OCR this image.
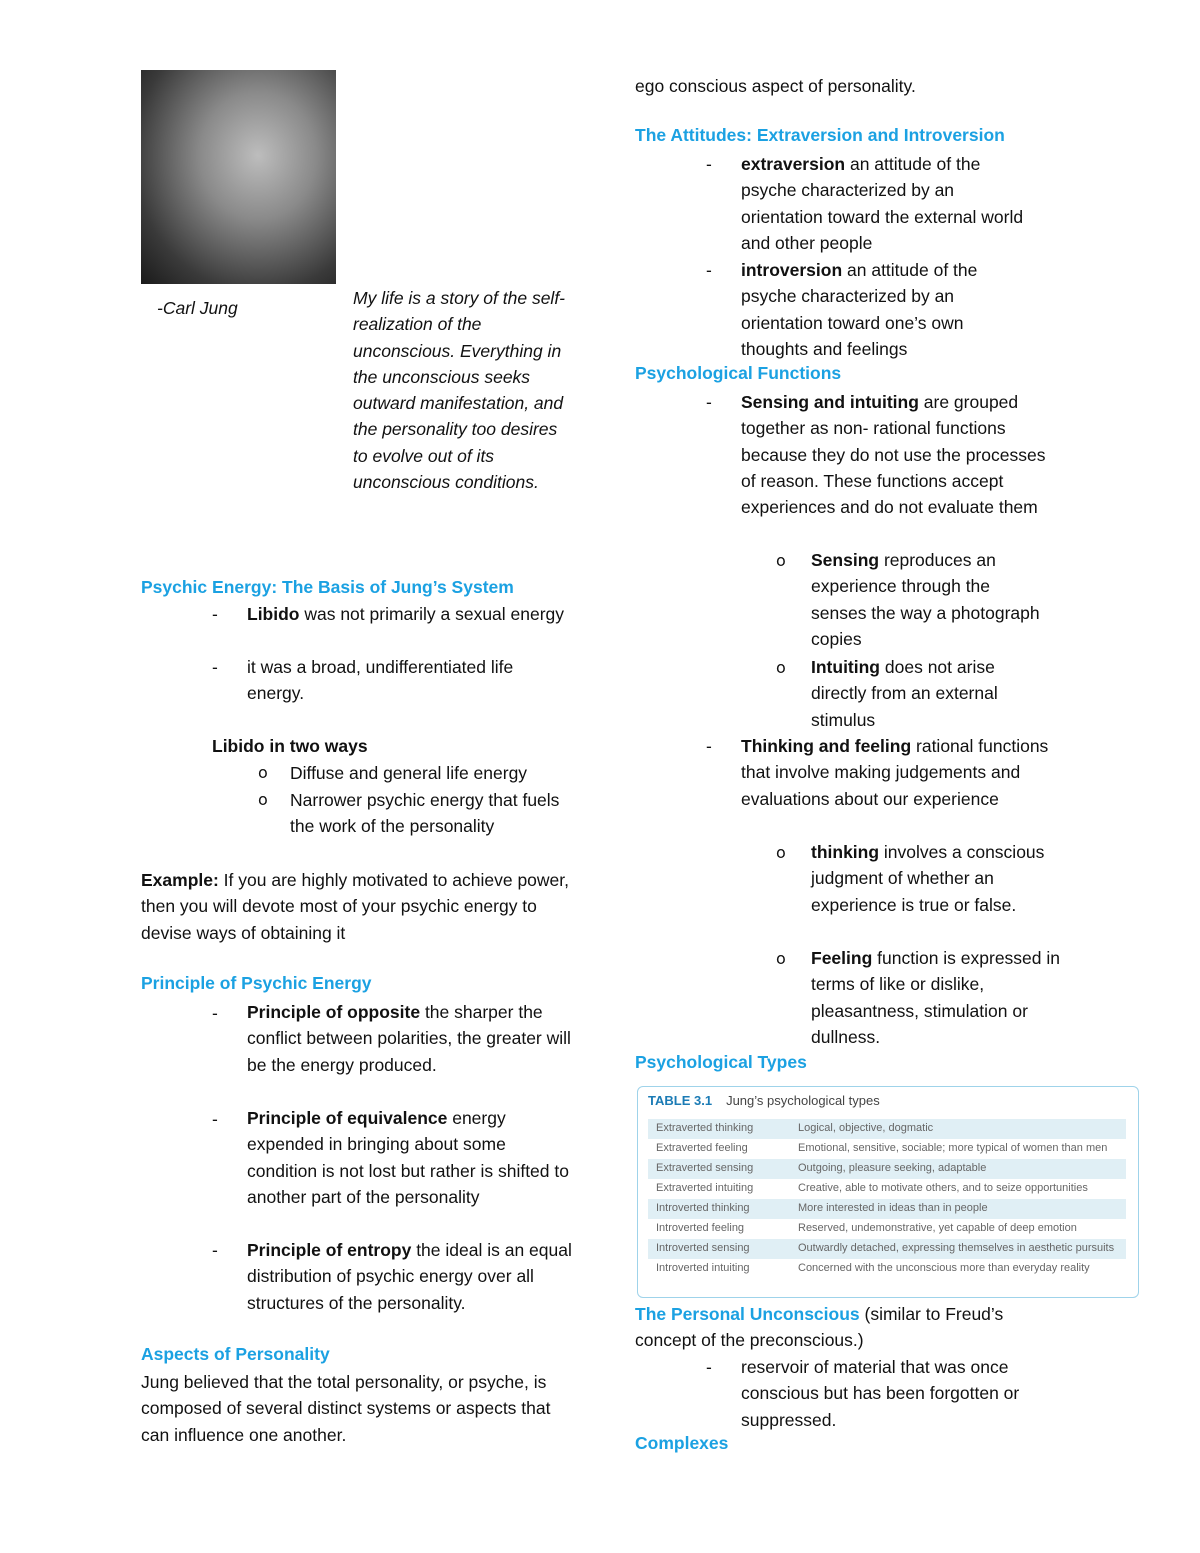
-Carl Jung	My life is a story of the self-realization of the unconscious. Everything in the unconscious seeks outward manifestation, and the personality too desires to evolve out of its unconscious conditions.
Psychic Energy: The Basis of Jung’s System
- Libido was not primarily a sexual energy
- it was a broad, undifferentiated life energy.
Libido in two ways
o Diffuse and general life energy
o Narrower psychic energy that fuels the work of the personality
Example: If you are highly motivated to achieve power, then you will devote most of your psychic energy to devise ways of obtaining it
Principle of Psychic Energy
- Principle of opposite the sharper the conflict between polarities, the greater will be the energy produced.
- Principle of equivalence energy expended in bringing about some condition is not lost but rather is shifted to another part of the personality
- Principle of entropy the ideal is an equal distribution of psychic energy over all structures of the personality.
Aspects of Personality
Jung believed that the total personality, or psyche, is composed of several distinct systems or aspects that can influence one another.
ego conscious aspect of personality.
The Attitudes: Extraversion and Introversion
- extraversion an attitude of the psyche characterized by an orientation toward the external world and other people
- introversion an attitude of the psyche characterized by an orientation toward one’s own thoughts and feelings
Psychological Functions
- Sensing and intuiting are grouped together as non- rational functions because they do not use the processes of reason. These functions accept experiences and do not evaluate them
o Sensing reproduces an experience through the senses the way a photograph copies
o Intuiting does not arise directly from an external stimulus
- Thinking and feeling rational functions that involve making judgements and evaluations about our experience
o thinking involves a conscious judgment of whether an experience is true or false.
o Feeling function is expressed in terms of like or dislike, pleasantness, stimulation or dullness.
Psychological Types
TABLE 3.1 Jung’s psychological types
Extraverted thinking	Logical, objective, dogmatic
Extraverted feeling	Emotional, sensitive, sociable; more typical of women than men
Extraverted sensing	Outgoing, pleasure seeking, adaptable
Extraverted intuiting	Creative, able to motivate others, and to seize opportunities
Introverted thinking	More interested in ideas than in people
Introverted feeling	Reserved, undemonstrative, yet capable of deep emotion
Introverted sensing	Outwardly detached, expressing themselves in aesthetic pursuits
Introverted intuiting	Concerned with the unconscious more than everyday reality
The Personal Unconscious (similar to Freud’s concept of the preconscious.)
- reservoir of material that was once conscious but has been forgotten or suppressed.
Complexes
